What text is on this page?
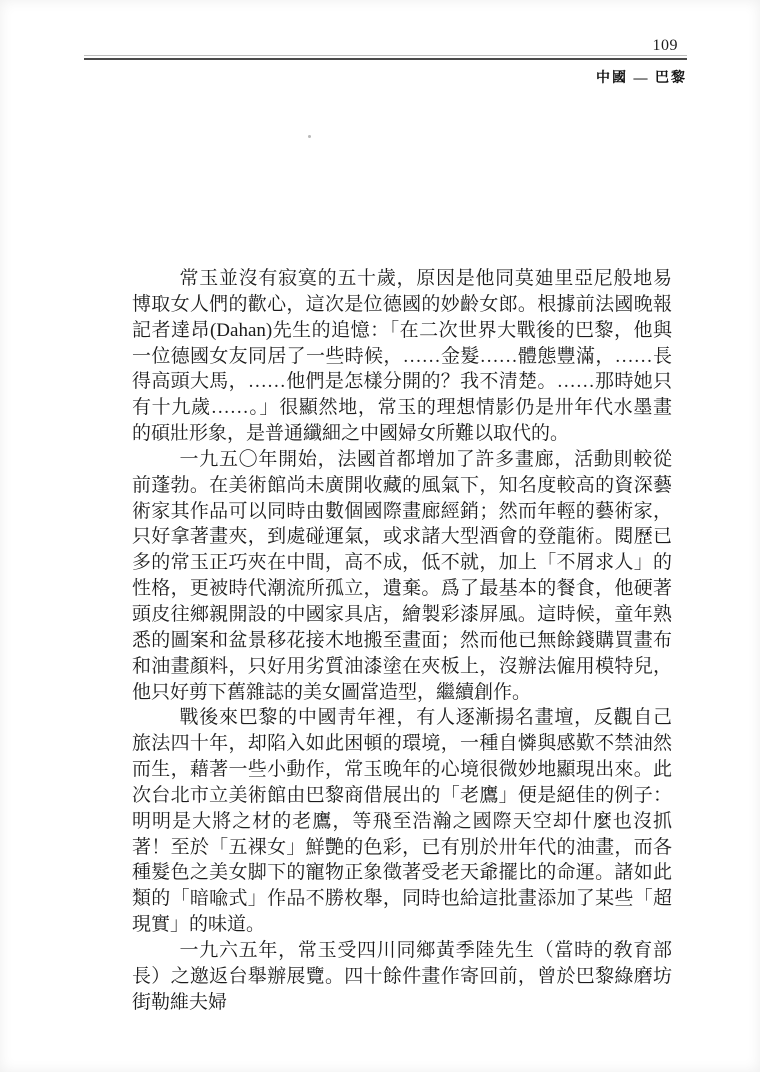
109
中國 — 巴黎

常玉並沒有寂寞的五十歲，原因是他同莫廸里亞尼般地易博取女人們的歡心，這次是位德國的妙齡女郎。根據前法國晚報記者達昂(Dahan)先生的追憶：「在二次世界大戰後的巴黎，他與一位德國女友同居了一些時候，……金髮……體態豐滿，……長得高頭大馬，……他們是怎樣分開的？我不清楚。……那時她只有十九歲……。」很顯然地，常玉的理想情影仍是卅年代水墨畫的碩壯形象，是普通纖細之中國婦女所難以取代的。

一九五〇年開始，法國首都增加了許多畫廊，活動則較從前蓬勃。在美術館尚未廣開收藏的風氣下，知名度較高的資深藝術家其作品可以同時由數個國際畫廊經銷；然而年輕的藝術家，只好拿著畫夾，到處碰運氣，或求諸大型酒會的登龍術。閱歷已多的常玉正巧夾在中間，高不成，低不就，加上「不屑求人」的性格，更被時代潮流所孤立，遺棄。爲了最基本的餐食，他硬著頭皮往鄉親開設的中國家具店，繪製彩漆屏風。這時候，童年熟悉的圖案和盆景移花接木地搬至畫面；然而他已無餘錢購買畫布和油畫顏料，只好用劣質油漆塗在夾板上，沒辦法僱用模特兒，他只好剪下舊雜誌的美女圖當造型，繼續創作。

戰後來巴黎的中國靑年裡，有人逐漸揚名畫壇，反觀自己旅法四十年，却陷入如此困頓的環境，一種自憐與感歎不禁油然而生，藉著一些小動作，常玉晚年的心境很微妙地顯現出來。此次台北市立美術館由巴黎商借展出的「老鷹」便是絕佳的例子：明明是大將之材的老鷹，等飛至浩瀚之國際天空却什麼也沒抓著！至於「五裸女」鮮艷的色彩，已有別於卅年代的油畫，而各種髮色之美女脚下的寵物正象徵著受老天爺擺比的命運。諸如此類的「暗喩式」作品不勝枚舉，同時也給這批畫添加了某些「超現實」的味道。

一九六五年，常玉受四川同鄉黃季陸先生（當時的敎育部長）之邀返台舉辦展覽。四十餘件畫作寄回前，曾於巴黎綠磨坊街勒維夫婦
